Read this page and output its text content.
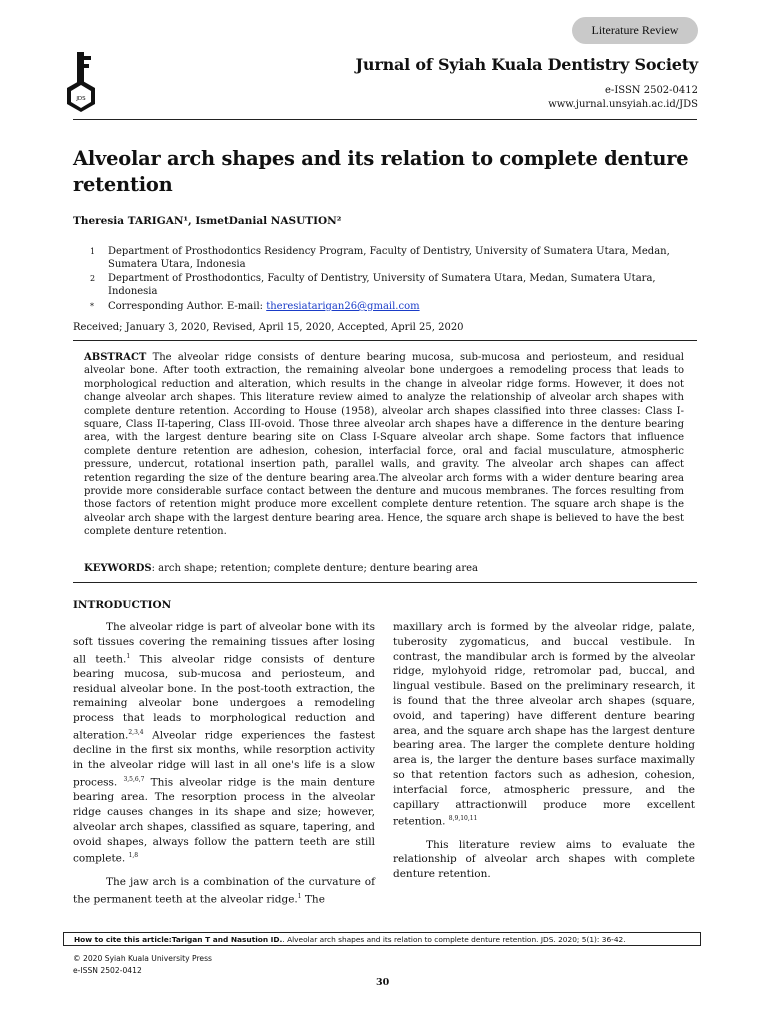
Literature Review
JDS
Jurnal of Syiah Kuala Dentistry Society
e-ISSN 2502-0412
www.jurnal.unsyiah.ac.id/JDS
Alveolar arch shapes and its relation to complete denture retention
Theresia TARIGAN¹, IsmetDanial NASUTION²
1 Department of Prosthodontics Residency Program, Faculty of Dentistry, University of Sumatera Utara, Medan, Sumatera Utara, Indonesia
2 Department of Prosthodontics, Faculty of Dentistry, University of Sumatera Utara, Medan, Sumatera Utara, Indonesia
* Corresponding Author. E-mail: theresiatarigan26@gmail.com
Received; January 3, 2020, Revised, April 15, 2020, Accepted, April 25, 2020
ABSTRACT The alveolar ridge consists of denture bearing mucosa, sub-mucosa and periosteum, and residual alveolar bone. After tooth extraction, the remaining alveolar bone undergoes a remodeling process that leads to morphological reduction and alteration, which results in the change in alveolar ridge forms. However, it does not change alveolar arch shapes. This literature review aimed to analyze the relationship of alveolar arch shapes with complete denture retention. According to House (1958), alveolar arch shapes classified into three classes: Class I-square, Class II-tapering, Class III-ovoid. Those three alveolar arch shapes have a difference in the denture bearing area, with the largest denture bearing site on Class I-Square alveolar arch shape. Some factors that influence complete denture retention are adhesion, cohesion, interfacial force, oral and facial musculature, atmospheric pressure, undercut, rotational insertion path, parallel walls, and gravity. The alveolar arch shapes can affect retention regarding the size of the denture bearing area.The alveolar arch forms with a wider denture bearing area provide more considerable surface contact between the denture and mucous membranes. The forces resulting from those factors of retention might produce more excellent complete denture retention. The square arch shape is the alveolar arch shape with the largest denture bearing area. Hence, the square arch shape is believed to have the best complete denture retention.
KEYWORDS: arch shape; retention; complete denture; denture bearing area
INTRODUCTION

The alveolar ridge is part of alveolar bone with its soft tissues covering the remaining tissues after losing all teeth.$^1$ This alveolar ridge consists of denture bearing mucosa, sub-mucosa and periosteum, and residual alveolar bone. In the post-tooth extraction, the remaining alveolar bone undergoes a remodeling process that leads to morphological reduction and alteration.$^{2,3,4}$ Alveolar ridge experiences the fastest decline in the first six months, while resorption activity in the alveolar ridge will last in all one's life is a slow process. $^{3,5,6,7}$ This alveolar ridge is the main denture bearing area. The resorption process in the alveolar ridge causes changes in its shape and size; however, alveolar arch shapes, classified as square, tapering, and ovoid shapes, always follow the pattern teeth are still complete. $^{1,8}$

The jaw arch is a combination of the curvature of the permanent teeth at the alveolar ridge.$^1$ The

maxillary arch is formed by the alveolar ridge, palate, tuberosity zygomaticus, and buccal vestibule. In contrast, the mandibular arch is formed by the alveolar ridge, mylohyoid ridge, retromolar pad, buccal, and lingual vestibule. Based on the preliminary research, it is found that the three alveolar arch shapes (square, ovoid, and tapering) have different denture bearing area, and the square arch shape has the largest denture bearing area. The larger the complete denture holding area is, the larger the denture bases surface maximally so that retention factors such as adhesion, cohesion, interfacial force, atmospheric pressure, and the capillary attractionwill produce more excellent retention. $^{8,9,10,11}$

This literature review aims to evaluate the relationship of alveolar arch shapes with complete denture retention.

How to cite this article:Tarigan T and Nasution ID.. Alveolar arch shapes and its relation to complete denture retention. JDS. 2020; 5(1): 36-42.
© 2020 Syiah Kuala University Press
e-ISSN 2502-0412
30
